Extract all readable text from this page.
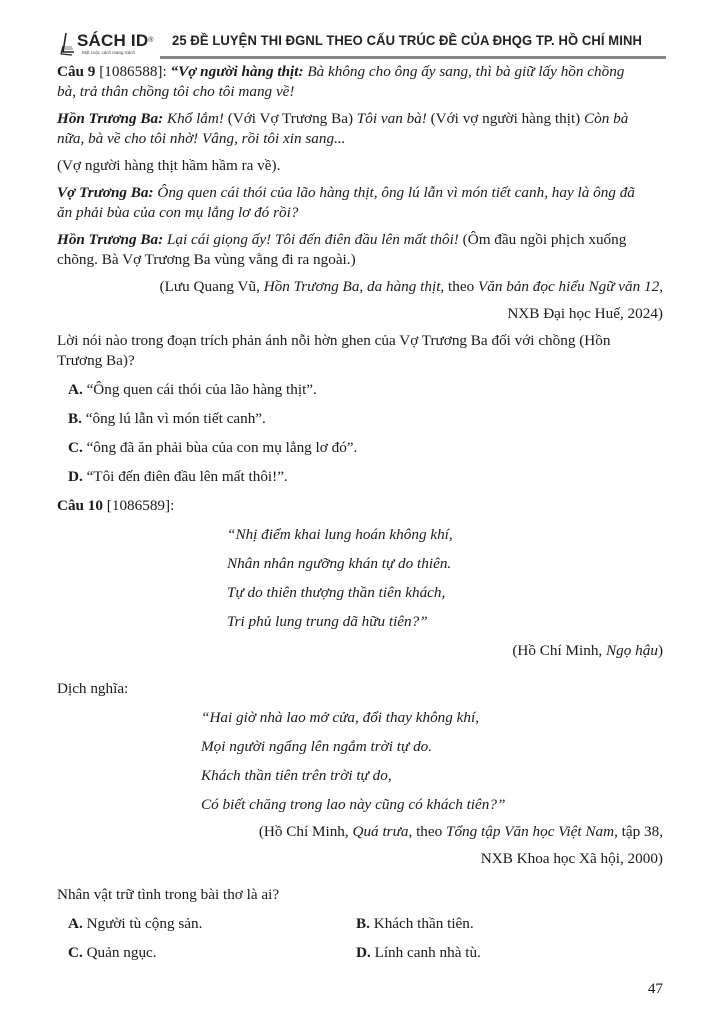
SÁCH ID®
Một cuộc cách mạng Sách
25 ĐỀ LUYỆN THI ĐGNL THEO CẤU TRÚC ĐỀ CỦA ĐHQG TP. HỒ CHÍ MINH

Câu 9 [1086588]: “Vợ người hàng thịt: Bà không cho ông ấy sang, thì bà giữ lấy hồn chồng
bà, trả thân chồng tôi cho tôi mang về!

Hồn Trương Ba: Khổ lắm! (Với Vợ Trương Ba) Tôi van bà! (Với vợ người hàng thịt) Còn bà
nữa, bà về cho tôi nhờ! Vâng, rồi tôi xin sang...

(Vợ người hàng thịt hầm hầm ra về).

Vợ Trương Ba: Ông quen cái thói của lão hàng thịt, ông lú lẫn vì món tiết canh, hay là ông đã
ăn phải bùa của con mụ lẳng lơ đó rồi?

Hồn Trương Ba: Lại cái giọng ấy! Tôi đến điên đầu lên mất thôi! (Ôm đầu ngồi phịch xuống
chõng. Bà Vợ Trương Ba vùng vằng đi ra ngoài.)

(Lưu Quang Vũ, Hồn Trương Ba, da hàng thịt, theo Văn bản đọc hiểu Ngữ văn 12,

NXB Đại học Huế, 2024)

Lời nói nào trong đoạn trích phản ánh nỗi hờn ghen của Vợ Trương Ba đối với chồng (Hồn
Trương Ba)?

A. “Ông quen cái thói của lão hàng thịt”.

B. “ông lú lẫn vì món tiết canh”.

C. “ông đã ăn phải bùa của con mụ lẳng lơ đó”.

D. “Tôi đến điên đầu lên mất thôi!”.

Câu 10 [1086589]:

“Nhị điểm khai lung hoán không khí,

Nhân nhân ngưỡng khán tự do thiên.

Tự do thiên thượng thần tiên khách,

Tri phủ lung trung dã hữu tiên?”

(Hồ Chí Minh, Ngọ hậu)

Dịch nghĩa:

“Hai giờ nhà lao mở cửa, đổi thay không khí,

Mọi người ngẩng lên ngắm trời tự do.

Khách thần tiên trên trời tự do,

Có biết chăng trong lao này cũng có khách tiên?”

(Hồ Chí Minh, Quá trưa, theo Tổng tập Văn học Việt Nam, tập 38,

NXB Khoa học Xã hội, 2000)

Nhân vật trữ tình trong bài thơ là ai?

A. Người tù cộng sản.	B. Khách thần tiên.
C. Quản ngục.	D. Lính canh nhà tù.
47
